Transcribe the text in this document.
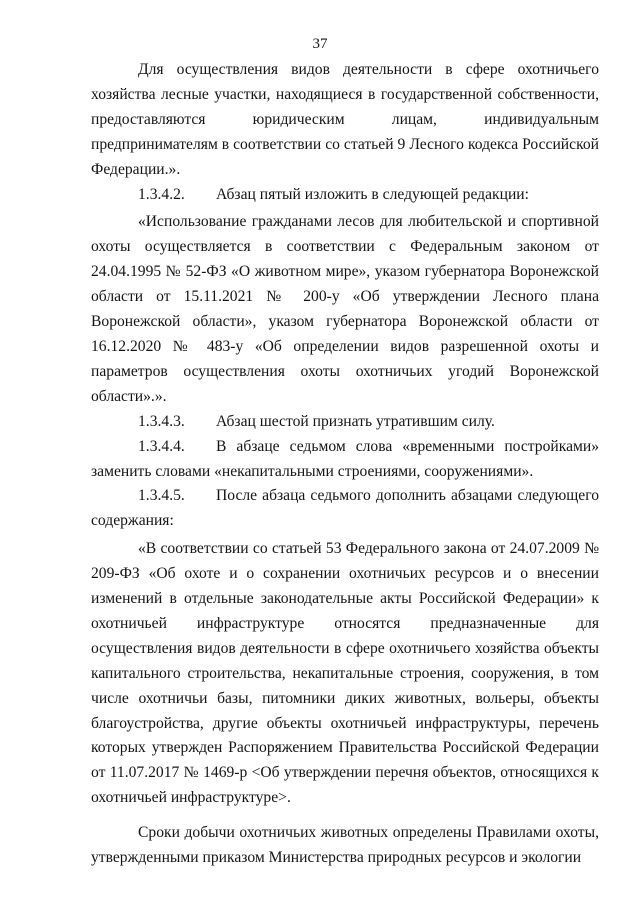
37

Для осуществления видов деятельности в сфере охотничьего хозяйства лесные участки, находящиеся в государственной собственности, предоставляются юридическим лицам, индивидуальным предпринимателям в соответствии со статьей 9 Лесного кодекса Российской Федерации.».

1.3.4.2. Абзац пятый изложить в следующей редакции:

«Использование гражданами лесов для любительской и спортивной охоты осуществляется в соответствии с Федеральным законом от 24.04.1995 № 52-ФЗ «О животном мире», указом губернатора Воронежской области от 15.11.2021 № 200-у «Об утверждении Лесного плана Воронежской области», указом губернатора Воронежской области от 16.12.2020 № 483-у «Об определении видов разрешенной охоты и параметров осуществления охоты охотничьих угодий Воронежской области».».

1.3.4.3. Абзац шестой признать утратившим силу.

1.3.4.4. В абзаце седьмом слова «временными постройками» заменить словами «некапитальными строениями, сооружениями».

1.3.4.5. После абзаца седьмого дополнить абзацами следующего содержания:

«В соответствии со статьей 53 Федерального закона от 24.07.2009 № 209-ФЗ «Об охоте и о сохранении охотничьих ресурсов и о внесении изменений в отдельные законодательные акты Российской Федерации» к охотничьей инфраструктуре относятся предназначенные для осуществления видов деятельности в сфере охотничьего хозяйства объекты капитального строительства, некапитальные строения, сооружения, в том числе охотничьи базы, питомники диких животных, вольеры, объекты благоустройства, другие объекты охотничьей инфраструктуры, перечень которых утвержден Распоряжением Правительства Российской Федерации от 11.07.2017 № 1469-р <Об утверждении перечня объектов, относящихся к охотничьей инфраструктуре>.

Сроки добычи охотничьих животных определены Правилами охоты, утвержденными приказом Министерства природных ресурсов и экологии
